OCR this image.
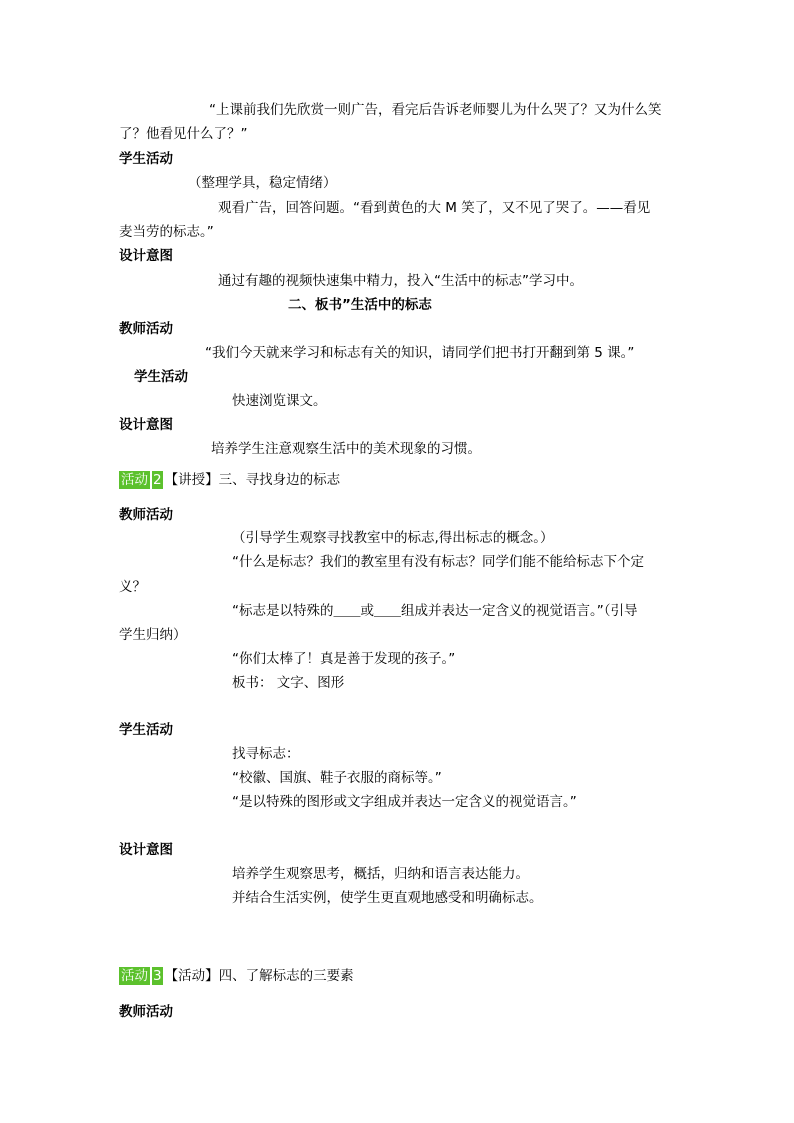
“上课前我们先欣赏一则广告，看完后告诉老师婴儿为什么哭了？又为什么笑
了？他看见什么了？”
学生活动
（整理学具，稳定情绪）
观看广告，回答问题。“看到黄色的大 M 笑了，又不见了哭了。——看见
麦当劳的标志。”
设计意图
通过有趣的视频快速集中精力，投入“生活中的标志”学习中。
二、板书”生活中的标志
教师活动
“我们今天就来学习和标志有关的知识，请同学们把书打开翻到第 5 课。”
学生活动
快速浏览课文。
设计意图
培养学生注意观察生活中的美术现象的习惯。
活动 2 【讲授】三、寻找身边的标志
教师活动
（引导学生观察寻找教室中的标志,得出标志的概念。）
“什么是标志？我们的教室里有没有标志？同学们能不能给标志下个定
义？
“标志是以特殊的＿＿或＿＿组成并表达一定含义的视觉语言。”（引导
学生归纳）
“你们太棒了！真是善于发现的孩子。”
板书： 文字、图形
学生活动
找寻标志：
“校徽、国旗、鞋子衣服的商标等。”
“是以特殊的图形或文字组成并表达一定含义的视觉语言。”
设计意图
培养学生观察思考，概括，归纳和语言表达能力。
并结合生活实例，使学生更直观地感受和明确标志。
活动 3 【活动】四、了解标志的三要素
教师活动
